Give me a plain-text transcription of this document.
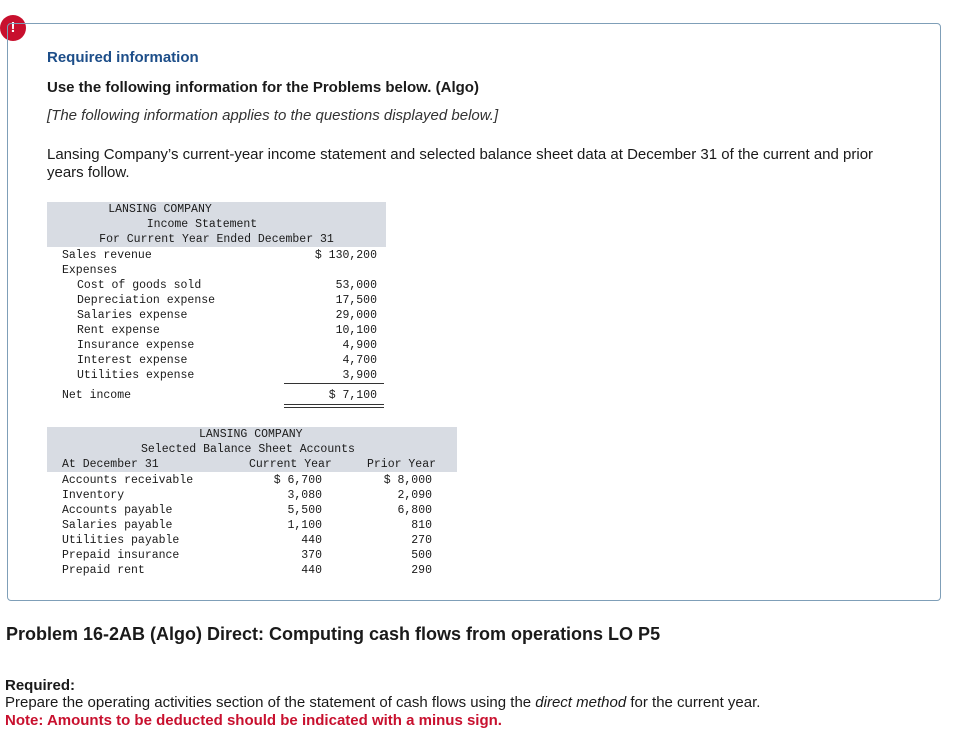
!
Required information
Use the following information for the Problems below. (Algo)
[The following information applies to the questions displayed below.]
Lansing Company’s current-year income statement and selected balance sheet data at December 31 of the current and prior years follow.
LANSING COMPANY
Income Statement
For Current Year Ended December 31
Sales revenue	$ 130,200
Expenses
Cost of goods sold	53,000
Depreciation expense	17,500
Salaries expense	29,000
Rent expense	10,100
Insurance expense	4,900
Interest expense	4,700
Utilities expense	3,900
Net income	$ 7,100
LANSING COMPANY
Selected Balance Sheet Accounts
At December 31	Current Year	Prior Year
Accounts receivable	$ 6,700	$ 8,000
Inventory	3,080	2,090
Accounts payable	5,500	6,800
Salaries payable	1,100	810
Utilities payable	440	270
Prepaid insurance	370	500
Prepaid rent	440	290
Problem 16-2AB (Algo) Direct: Computing cash flows from operations LO P5
Required:
Prepare the operating activities section of the statement of cash flows using the direct method for the current year.
Note: Amounts to be deducted should be indicated with a minus sign.
